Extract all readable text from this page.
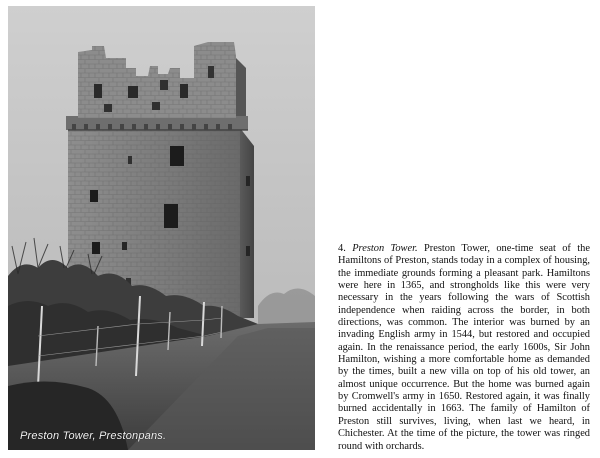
Preston Tower, Prestonpans.
4. Preston Tower. Preston Tower, one-time seat of the Hamiltons of Preston, stands today in a complex of housing, the immediate grounds forming a pleasant park. Hamiltons were here in 1365, and strongholds like this were very necessary in the years following the wars of Scottish independence when raiding across the border, in both directions, was common. The interior was burned by an invading English army in 1544, but restored and occupied again. In the renaissance period, the early 1600s, Sir John Hamilton, wishing a more comfortable home as demanded by the times, built a new villa on top of his old tower, an almost unique occurrence. But the home was burned again by Cromwell's army in 1650. Restored again, it was finally burned accidentally in 1663. The family of Hamilton of Preston still survives, living, when last we heard, in Chichester. At the time of the picture, the tower was ringed round with orchards.
